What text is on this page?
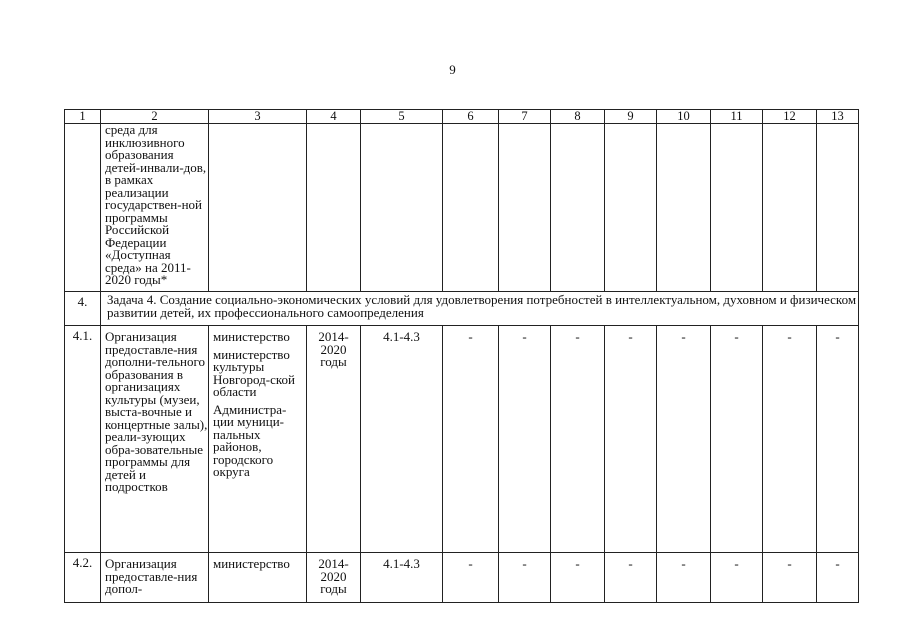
9
1	2	3	4	5	6	7	8	9	10	11	12	13
	среда для инклюзивного образования детей-инвали-дов, в рамках реализации государствен-ной программы Российской Федерации «Доступная среда» на 2011-2020 годы*											
4.	Задача 4. Создание социально-экономических условий для удовлетворения потребностей в интеллектуальном, духовном и физическом развитии детей, их профессионального самоопределения											
4.1.	Организация предоставле-ния дополни-тельного образования в организациях культуры (музеи, выста-вочные и концертные залы), реали-зующих обра-зовательные программы для детей и подростков	министерство
министерство культуры Новгород-ской области
Администра-ции муници-пальных районов, городского округа	2014-2020 годы	4.1-4.3	-	-	-	-	-	-	-	-
4.2.	Организация предоставле-ния допол-	министерство	2014-2020 годы	4.1-4.3	-	-	-	-	-	-	-	-
